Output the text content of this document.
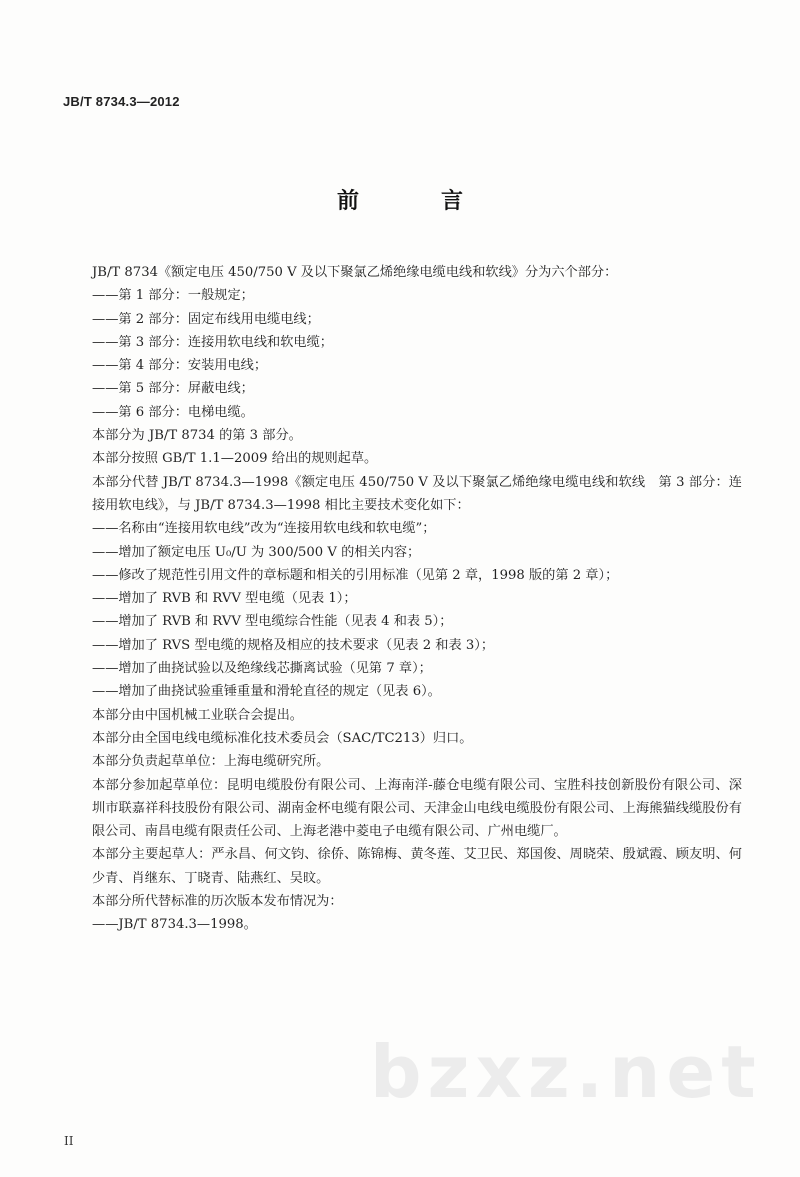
JB/T 8734.3—2012
前　言

JB/T 8734《额定电压 450/750 V 及以下聚氯乙烯绝缘电缆电线和软线》分为六个部分：

——第 1 部分：一般规定；

——第 2 部分：固定布线用电缆电线；

——第 3 部分：连接用软电线和软电缆；

——第 4 部分：安装用电线；

——第 5 部分：屏蔽电线；

——第 6 部分：电梯电缆。

本部分为 JB/T 8734 的第 3 部分。

本部分按照 GB/T 1.1—2009 给出的规则起草。

本部分代替 JB/T 8734.3—1998《额定电压 450/750 V 及以下聚氯乙烯绝缘电缆电线和软线　第 3 部分：连接用软电线》，与 JB/T 8734.3—1998 相比主要技术变化如下：

——名称由“连接用软电线”改为“连接用软电线和软电缆”；

——增加了额定电压 U₀/U 为 300/500 V 的相关内容；

——修改了规范性引用文件的章标题和相关的引用标准（见第 2 章，1998 版的第 2 章）；

——增加了 RVB 和 RVV 型电缆（见表 1）；

——增加了 RVB 和 RVV 型电缆综合性能（见表 4 和表 5）；

——增加了 RVS 型电缆的规格及相应的技术要求（见表 2 和表 3）；

——增加了曲挠试验以及绝缘线芯撕离试验（见第 7 章）；

——增加了曲挠试验重锤重量和滑轮直径的规定（见表 6）。

本部分由中国机械工业联合会提出。

本部分由全国电线电缆标准化技术委员会（SAC/TC213）归口。

本部分负责起草单位：上海电缆研究所。

本部分参加起草单位：昆明电缆股份有限公司、上海南洋-藤仓电缆有限公司、宝胜科技创新股份有限公司、深圳市联嘉祥科技股份有限公司、湖南金杯电缆有限公司、天津金山电线电缆股份有限公司、上海熊猫线缆股份有限公司、南昌电缆有限责任公司、上海老港中菱电子电缆有限公司、广州电缆厂。

本部分主要起草人：严永昌、何文钧、徐侨、陈锦梅、黄冬莲、艾卫民、郑国俊、周晓荣、殷斌霞、顾友明、何少青、肖继东、丁晓青、陆燕红、吴旼。

本部分所代替标准的历次版本发布情况为：

——JB/T 8734.3—1998。

bzxz.net
II
